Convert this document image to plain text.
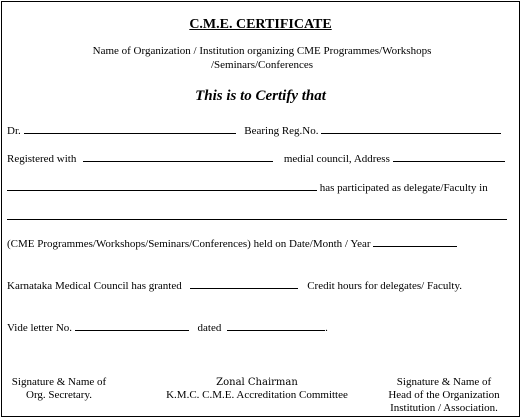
C.M.E. CERTIFICATE
Name of Organization / Institution organizing CME Programmes/Workshops
/Seminars/Conferences
This is to Certify that
Dr.	Bearing Reg.No.
Registered with	medial council, Address
has participated as delegate/Faculty in
(CME Programmes/Workshops/Seminars/Conferences) held on Date/Month / Year
Karnataka Medical Council has granted	Credit hours for delegates/ Faculty.
Vide letter No.	dated	.
Signature & Name of
Org. Secretary.
Zonal Chairman
K.M.C. C.M.E. Accreditation Committee
Signature & Name of
Head of the Organization
Institution / Association.
